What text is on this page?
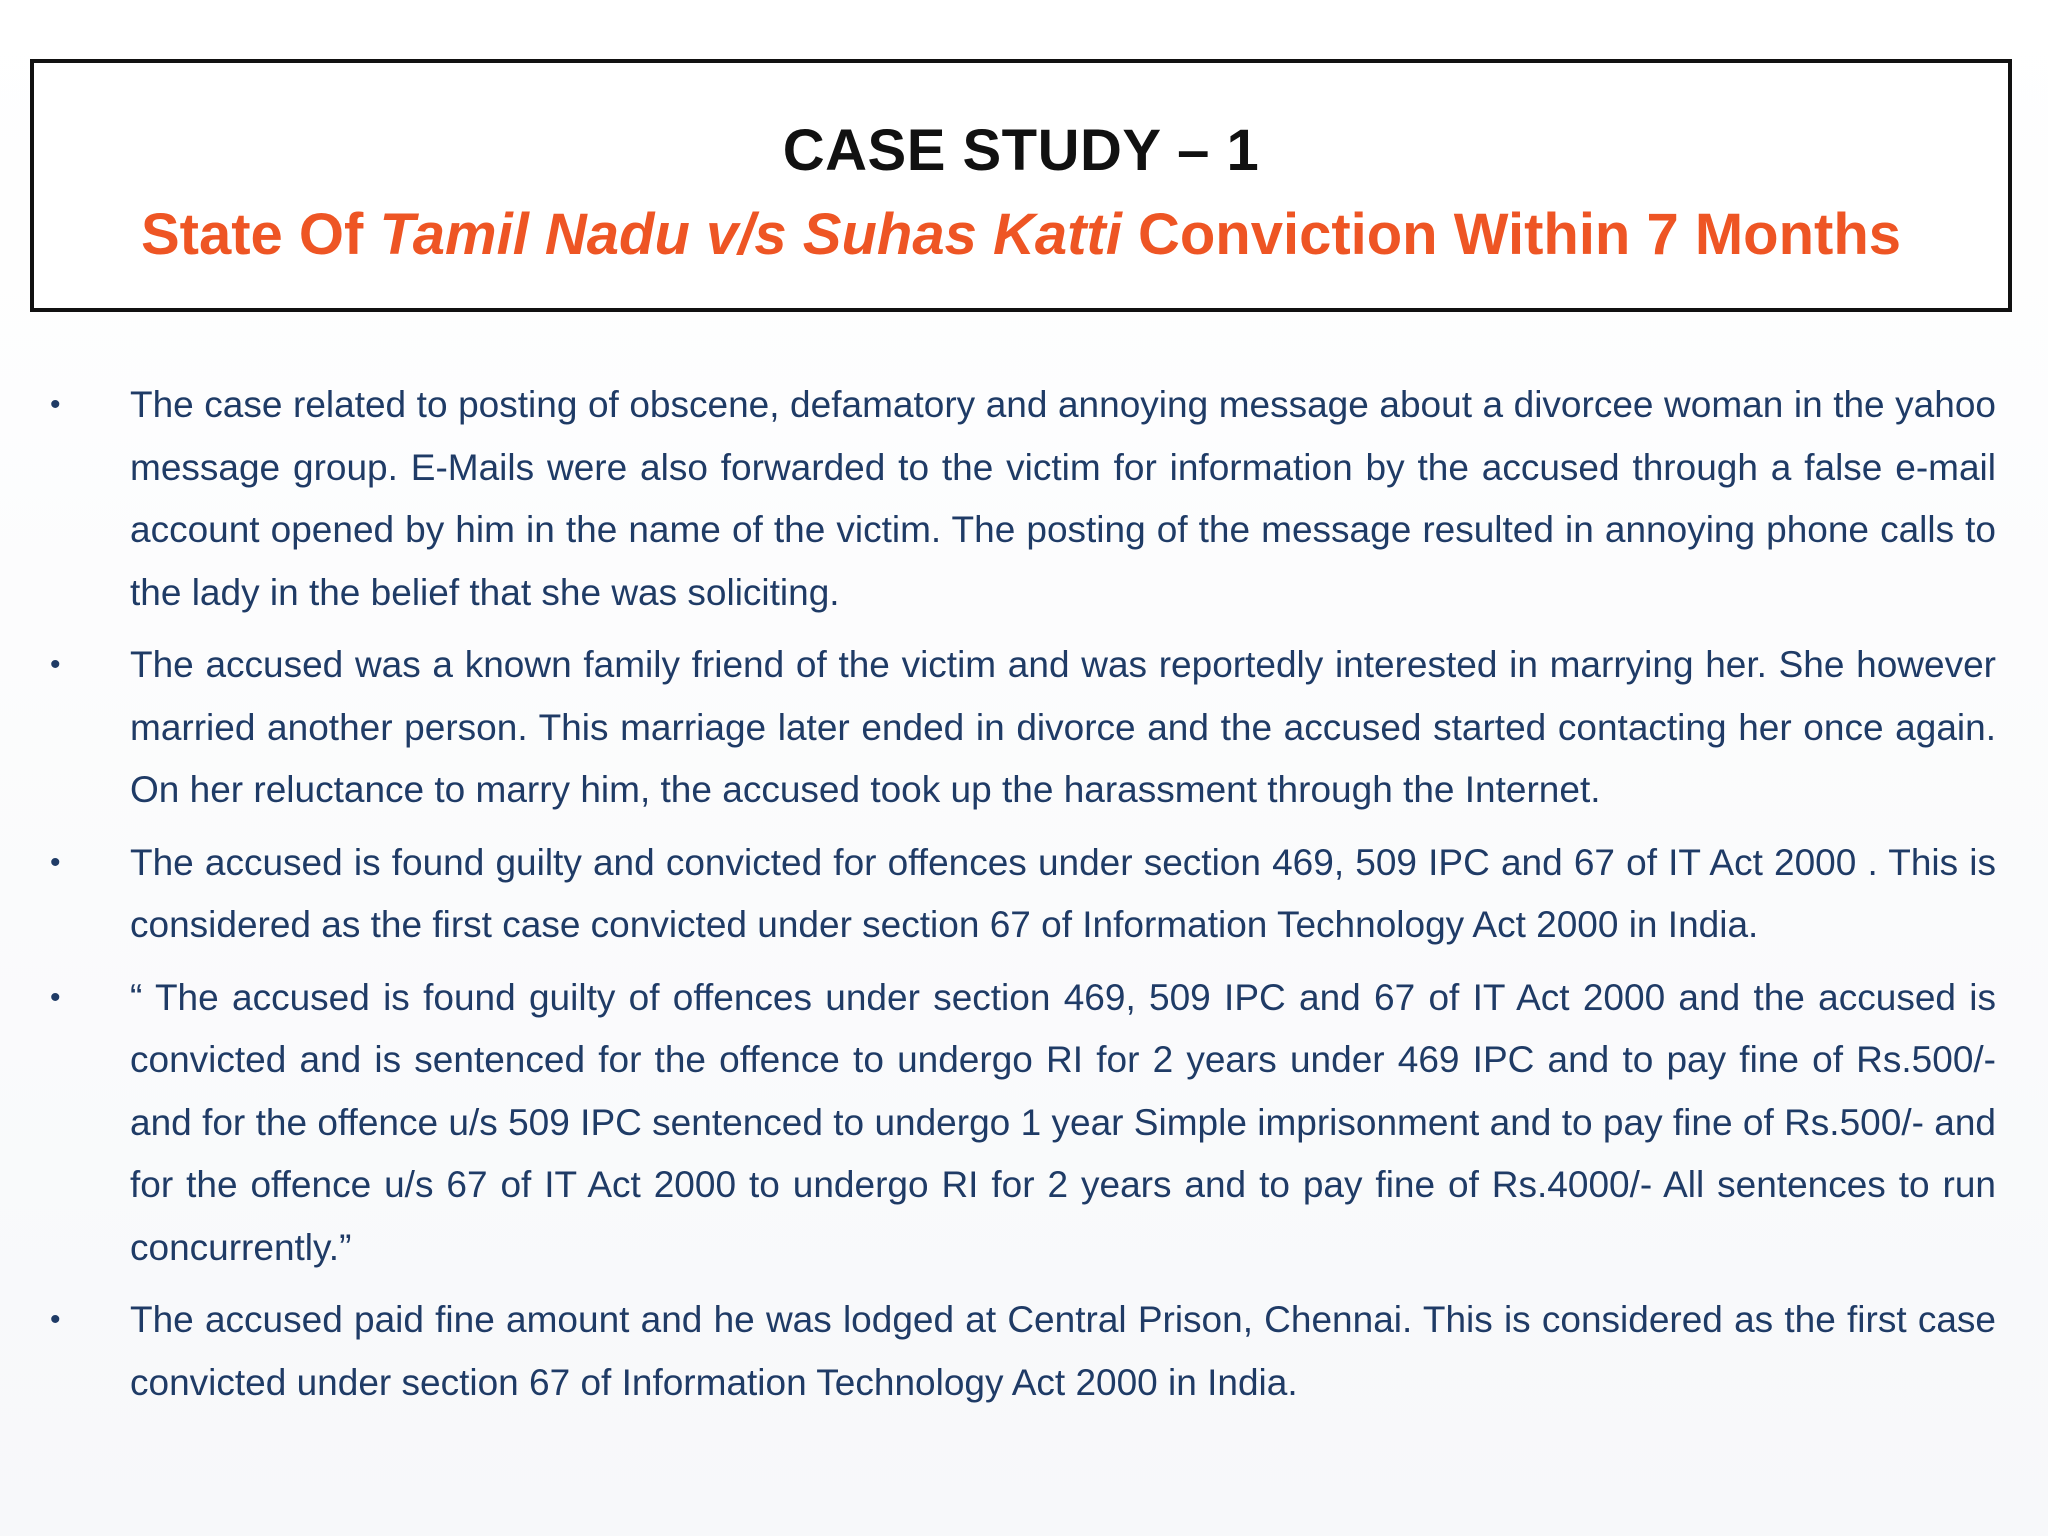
CASE STUDY – 1
State Of Tamil Nadu v/s Suhas Katti Conviction Within 7 Months
•	The case related to posting of obscene, defamatory and annoying message about a divorcee woman in the yahoo message group. E-Mails were also forwarded to the victim for information by the accused through a false e-mail account opened by him in the name of the victim. The posting of the message resulted in annoying phone calls to the lady in the belief that she was soliciting.
•	The accused was a known family friend of the victim and was reportedly interested in marrying her. She however married another person. This marriage later ended in divorce and the accused started contacting her once again. On her reluctance to marry him, the accused took up the harassment through the Internet.
•	The accused is found guilty and convicted for offences under section 469, 509 IPC and 67 of IT Act 2000 . This is considered as the first case convicted under section 67 of Information Technology Act 2000 in India.
•	“ The accused is found guilty of offences under section 469, 509 IPC and 67 of IT Act 2000 and the accused is convicted and is sentenced for the offence to undergo RI for 2 years under 469 IPC and to pay fine of Rs.500/-and for the offence u/s 509 IPC sentenced to undergo 1 year Simple imprisonment and to pay fine of Rs.500/- and for the offence u/s 67 of IT Act 2000 to undergo RI for 2 years and to pay fine of Rs.4000/- All sentences to run concurrently.”
•	The accused paid fine amount and he was lodged at Central Prison, Chennai. This is considered as the first case convicted under section 67 of Information Technology Act 2000 in India.
